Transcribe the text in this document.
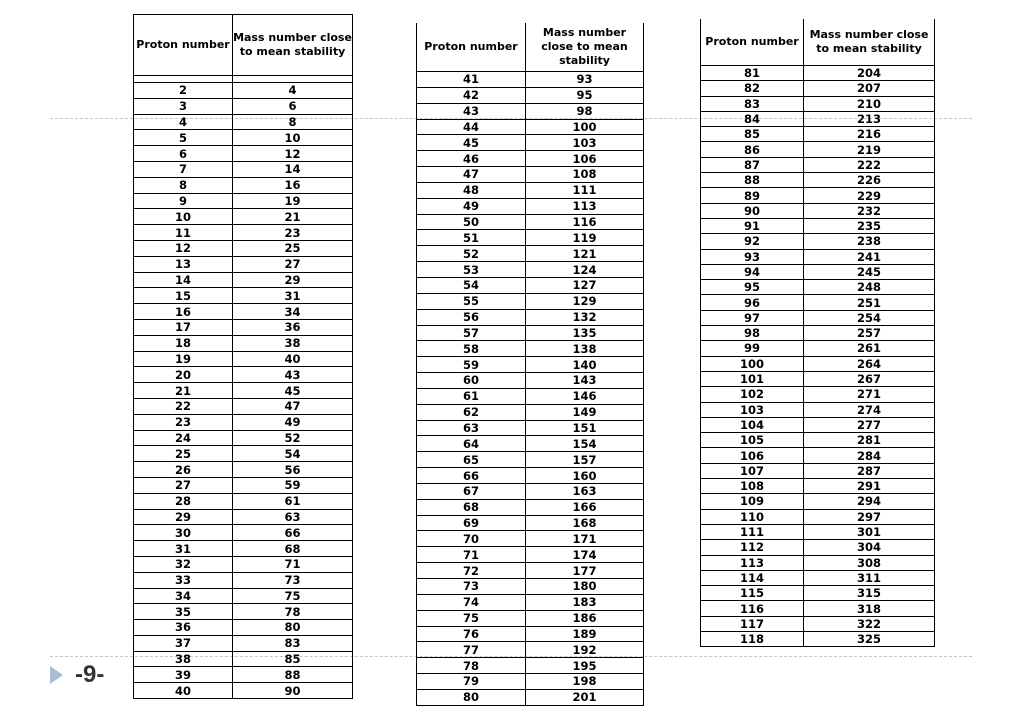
Proton number	Mass number close to mean stability

2	4
3	6
4	8
5	10
6	12
7	14
8	16
9	19
10	21
11	23
12	25
13	27
14	29
15	31
16	34
17	36
18	38
19	40
20	43
21	45
22	47
23	49
24	52
25	54
26	56
27	59
28	61
29	63
30	66
31	68
32	71
33	73
34	75
35	78
36	80
37	83
38	85
39	88
40	90
Proton number	Mass number close to mean stability
41	93
42	95
43	98
44	100
45	103
46	106
47	108
48	111
49	113
50	116
51	119
52	121
53	124
54	127
55	129
56	132
57	135
58	138
59	140
60	143
61	146
62	149
63	151
64	154
65	157
66	160
67	163
68	166
69	168
70	171
71	174
72	177
73	180
74	183
75	186
76	189
77	192
78	195
79	198
80	201
Proton number	Mass number close to mean stability
81	204
82	207
83	210
84	213
85	216
86	219
87	222
88	226
89	229
90	232
91	235
92	238
93	241
94	245
95	248
96	251
97	254
98	257
99	261
100	264
101	267
102	271
103	274
104	277
105	281
106	284
107	287
108	291
109	294
110	297
111	301
112	304
113	308
114	311
115	315
116	318
117	322
118	325
-9-
